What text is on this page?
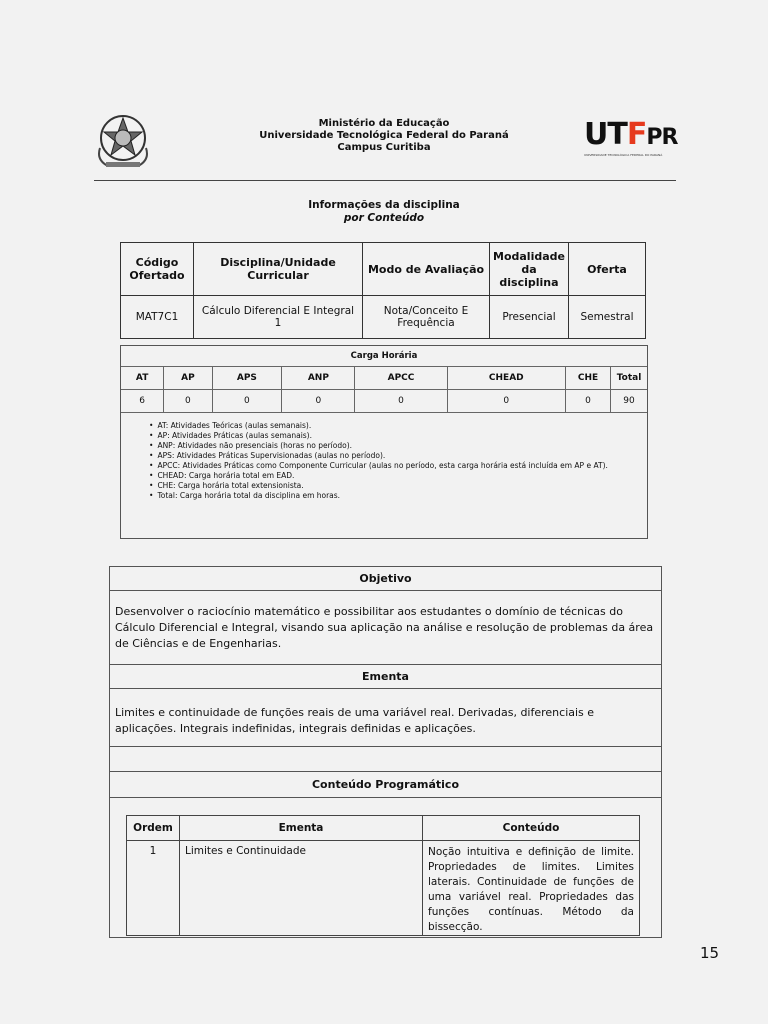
Ministério da Educação
Universidade Tecnológica Federal do Paraná
Campus Curitiba	UTFPR
UNIVERSIDADE TECNOLÓGICA FEDERAL DO PARANÁ
Informações da disciplina
por Conteúdo
Código Ofertado	Disciplina/Unidade Curricular	Modo de Avaliação	Modalidade da disciplina	Oferta
MAT7C1	Cálculo Diferencial E Integral 1	Nota/Conceito E Frequência	Presencial	Semestral
Carga Horária
AT	AP	APS	ANP	APCC	CHEAD	CHE	Total
6	0	0	0	0	0	0	90
• AT: Atividades Teóricas (aulas semanais).
• AP: Atividades Práticas (aulas semanais).
• ANP: Atividades não presenciais (horas no período).
• APS: Atividades Práticas Supervisionadas (aulas no período).
• APCC: Atividades Práticas como Componente Curricular (aulas no período, esta carga horária está incluída em AP e AT).
• CHEAD: Carga horária total em EAD.
• CHE: Carga horária total extensionista.
• Total: Carga horária total da disciplina em horas.
Objetivo
Desenvolver o raciocínio matemático e possibilitar aos estudantes o domínio de técnicas do Cálculo Diferencial e Integral, visando sua aplicação na análise e resolução de problemas da área de Ciências e de Engenharias.
Ementa
Limites e continuidade de funções reais de uma variável real. Derivadas, diferenciais e aplicações. Integrais indefinidas, integrais definidas e aplicações.
Conteúdo Programático
Ordem	Ementa	Conteúdo
1	Limites e Continuidade	Noção intuitiva e definição de limite. Propriedades de limites. Limites laterais. Continuidade de funções de uma variável real. Propriedades das funções contínuas. Método da bissecção.
15
